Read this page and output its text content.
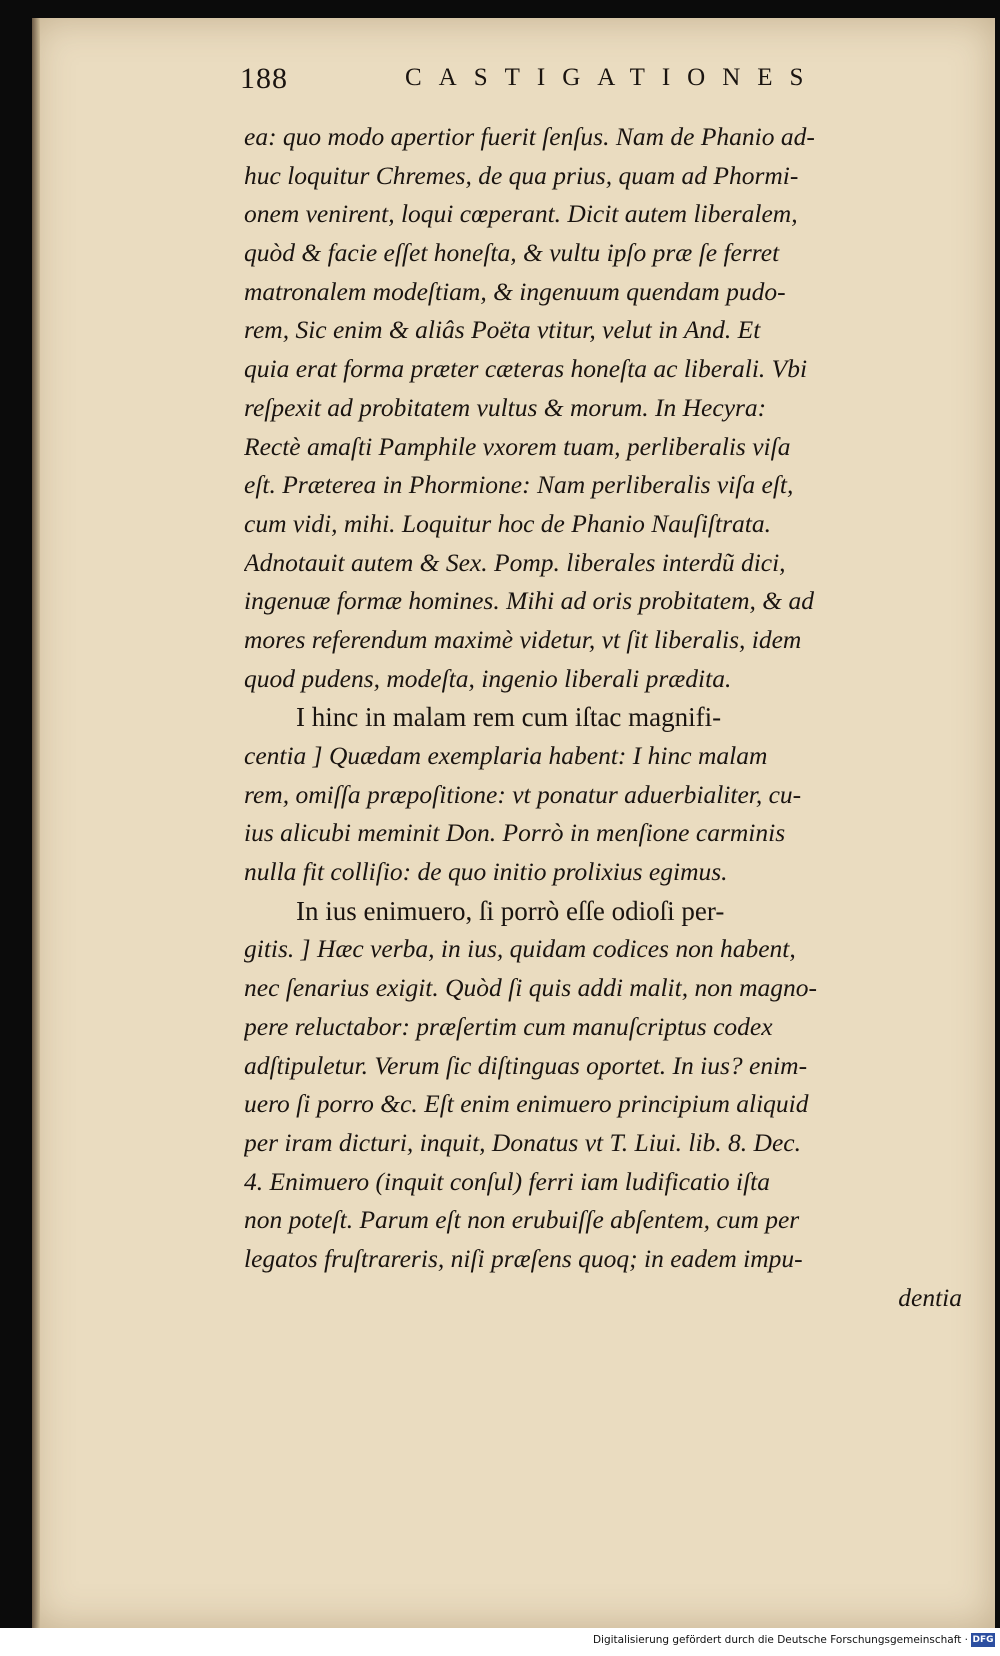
188	CASTIGATIONES
ea: quo modo apertior fuerit ſenſus. Nam de Phanio ad-
huc loquitur Chremes, de qua prius, quam ad Phormi-
onem venirent, loqui cœperant. Dicit autem liberalem,
quòd & facie eſſet honeſta, & vultu ipſo præ ſe ferret
matronalem modeſtiam, & ingenuum quendam pudo-
rem, Sic enim & aliâs Poëta vtitur, velut in And. Et
quia erat forma præter cæteras honeſta ac liberali. Vbi
reſpexit ad probitatem vultus & morum. In Hecyra:
Rectè amaſti Pamphile vxorem tuam, perliberalis viſa
eſt. Præterea in Phormione: Nam perliberalis viſa eſt,
cum vidi, mihi. Loquitur hoc de Phanio Nauſiſtrata.
Adnotauit autem & Sex. Pomp. liberales interdũ dici,
ingenuæ formæ homines. Mihi ad oris probitatem, & ad
mores referendum maximè videtur, vt ſit liberalis, idem
quod pudens, modeſta, ingenio liberali prædita.
I hinc in malam rem cum iſtac magnifi-
centia ] Quædam exemplaria habent: I hinc malam
rem, omiſſa præpoſitione: vt ponatur aduerbialiter, cu-
ius alicubi meminit Don. Porrò in menſione carminis
nulla fit colliſio: de quo initio prolixius egimus.
In ius enimuero, ſi porrò eſſe odioſi per-
gitis. ] Hæc verba, in ius, quidam codices non habent,
nec ſenarius exigit. Quòd ſi quis addi malit, non magno-
pere reluctabor: præſertim cum manuſcriptus codex
adſtipuletur. Verum ſic diſtinguas oportet. In ius? enim-
uero ſi porro &c. Eſt enim enimuero principium aliquid
per iram dicturi, inquit, Donatus vt T. Liui. lib. 8. Dec.
4. Enimuero (inquit conſul) ferri iam ludificatio iſta
non poteſt. Parum eſt non erubuiſſe abſentem, cum per
legatos fruſtrareris, niſi præſens quoq; in eadem impu-
dentia
Digitalisierung gefördert durch die Deutsche Forschungsgemeinschaft · DFG
